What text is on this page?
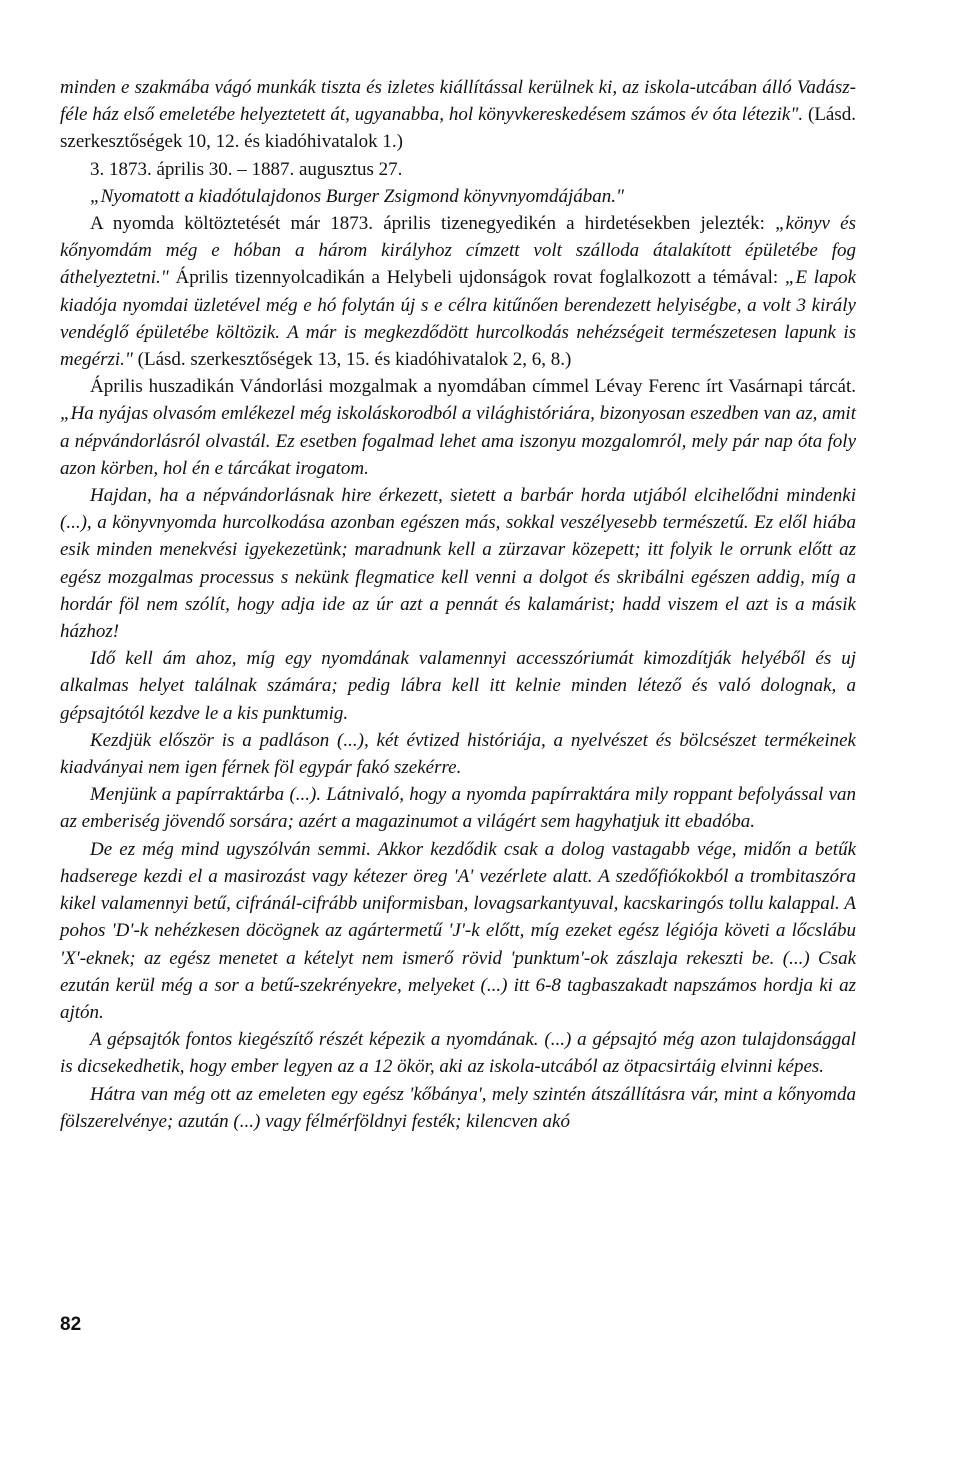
minden e szakmába vágó munkák tiszta és izletes kiállítással kerülnek ki, az iskola-utcában álló Vadász-féle ház első emeletébe helyeztetett át, ugyanabba, hol könyvkereskedésem számos év óta létezik". (Lásd. szerkesztőségek 10, 12. és kiadóhivatalok 1.)

3. 1873. április 30. – 1887. augusztus 27.

„Nyomatott a kiadótulajdonos Burger Zsigmond könyvnyomdájában."

A nyomda költöztetését már 1873. április tizenegyedikén a hirdetésekben jelezték: „könyv és kőnyomdám még e hóban a három királyhoz címzett volt szálloda átalakított épületébe fog áthelyeztetni." Április tizennyolcadikán a Helybeli ujdonságok rovat foglalkozott a témával: „E lapok kiadója nyomdai üzletével még e hó folytán új s e célra kitűnően berendezett helyiségbe, a volt 3 király vendéglő épületébe költözik. A már is megkezdődött hurcolkodás nehézségeit természetesen lapunk is megérzi." (Lásd. szerkesztőségek 13, 15. és kiadóhivatalok 2, 6, 8.)

Április huszadikán Vándorlási mozgalmak a nyomdában címmel Lévay Ferenc írt Vasárnapi tárcát. „Ha nyájas olvasóm emlékezel még iskoláskorodból a világhistóriára, bizonyosan eszedben van az, amit a népvándorlásról olvastál. Ez esetben fogalmad lehet ama iszonyu mozgalomról, mely pár nap óta foly azon körben, hol én e tárcákat irogatom.

Hajdan, ha a népvándorlásnak hire érkezett, sietett a barbár horda utjából elcihelődni mindenki (...), a könyvnyomda hurcolkodása azonban egészen más, sokkal veszélyesebb természetű. Ez elől hiába esik minden menekvési igyekezetünk; maradnunk kell a zürzavar közepett; itt folyik le orrunk előtt az egész mozgalmas processus s nekünk flegmatice kell venni a dolgot és skribálni egészen addig, míg a hordár föl nem szólít, hogy adja ide az úr azt a pennát és kalamárist; hadd viszem el azt is a másik házhoz!

Idő kell ám ahoz, míg egy nyomdának valamennyi accesszóriumát kimozdítják helyéből és uj alkalmas helyet találnak számára; pedig lábra kell itt kelnie minden létező és való dolognak, a gépsajtótól kezdve le a kis punktumig.

Kezdjük először is a padláson (...), két évtized históriája, a nyelvészet és bölcsészet termékeinek kiadványai nem igen férnek föl egypár fakó szekérre.

Menjünk a papírraktárba (...). Látnivaló, hogy a nyomda papírraktára mily roppant befolyással van az emberiség jövendő sorsára; azért a magazinumot a világért sem hagyhatjuk itt ebadóba.

De ez még mind ugyszólván semmi. Akkor kezdődik csak a dolog vastagabb vége, midőn a betűk hadserege kezdi el a masirozást vagy kétezer öreg 'A' vezérlete alatt. A szedőfiókokból a trombitaszóra kikel valamennyi betű, cifránál-cifrább uniformisban, lovagsarkantyuval, kacskaringós tollu kalappal. A pohos 'D'-k nehézkesen döcögnek az agártermetű 'J'-k előtt, míg ezeket egész légiója követi a lőcslábu 'X'-eknek; az egész menetet a kételyt nem ismerő rövid 'punktum'-ok zászlaja rekeszti be. (...) Csak ezután kerül még a sor a betű-szekrényekre, melyeket (...) itt 6-8 tagbaszakadt napszámos hordja ki az ajtón.

A gépsajtók fontos kiegészítő részét képezik a nyomdának. (...) a gépsajtó még azon tulajdonsággal is dicsekedhetik, hogy ember legyen az a 12 ökör, aki az iskola-utcából az ötpacsirtáig elvinni képes.

Hátra van még ott az emeleten egy egész 'kőbánya', mely szintén átszállításra vár, mint a kőnyomda fölszerelvénye; azután (...) vagy félmérföldnyi festék; kilencven akó

82
